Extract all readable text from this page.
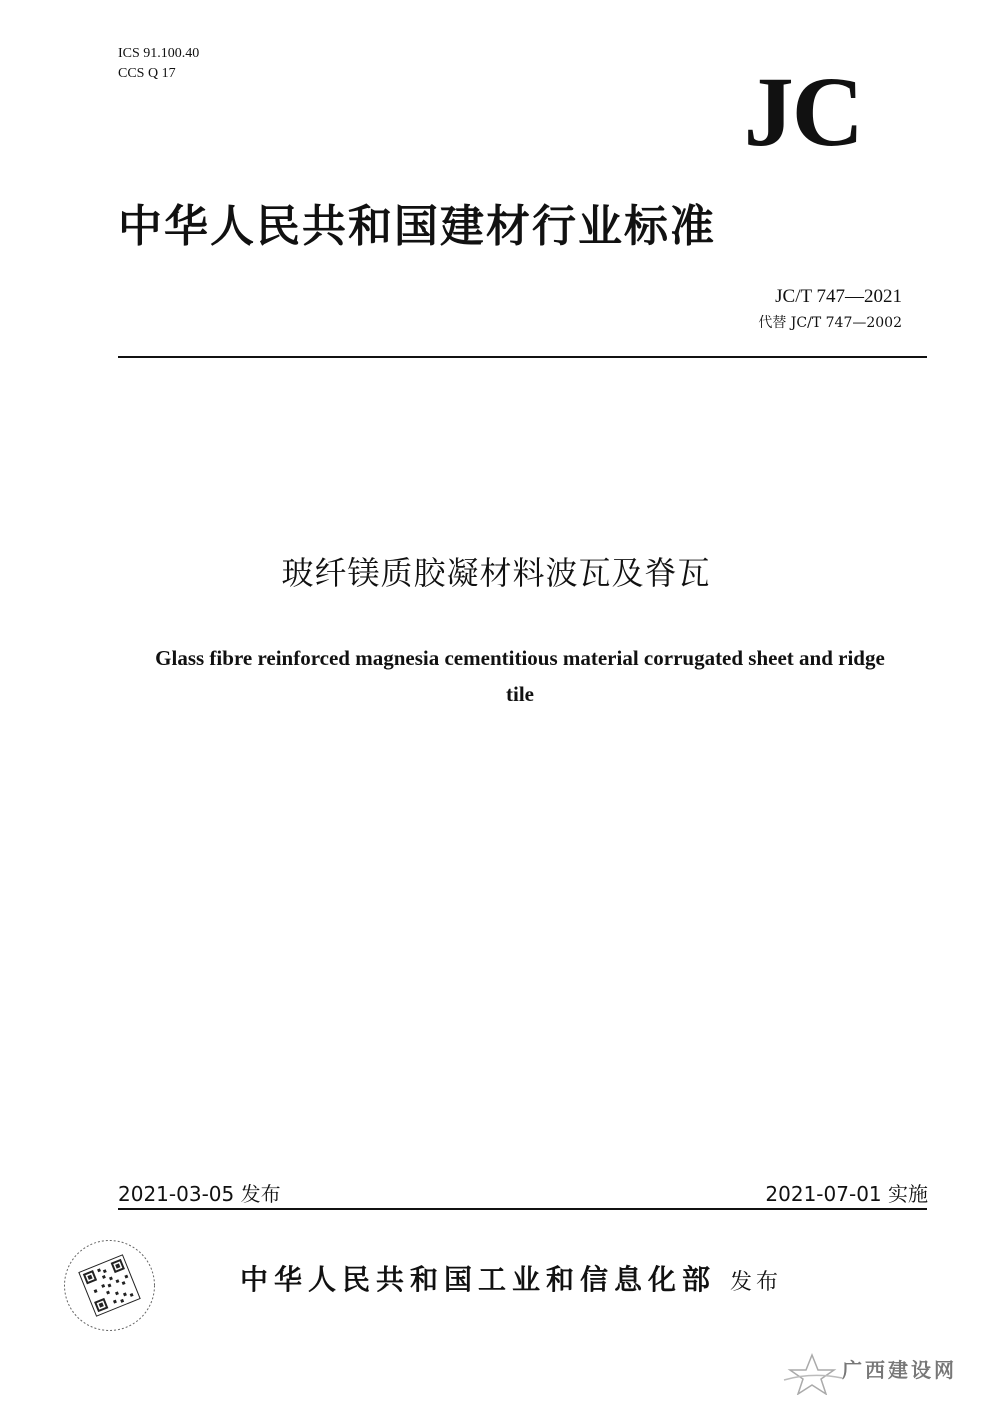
ICS 91.100.40
CCS Q 17	JC
中华人民共和国建材行业标准
JC/T 747—2021
代替 JC/T 747—2002
玻纤镁质胶凝材料波瓦及脊瓦
Glass fibre reinforced magnesia cementitious material corrugated sheet and ridge tile
2021-03-05 发布	2021-07-01 实施
中华人民共和国工业和信息化部 发布
广西建设网
